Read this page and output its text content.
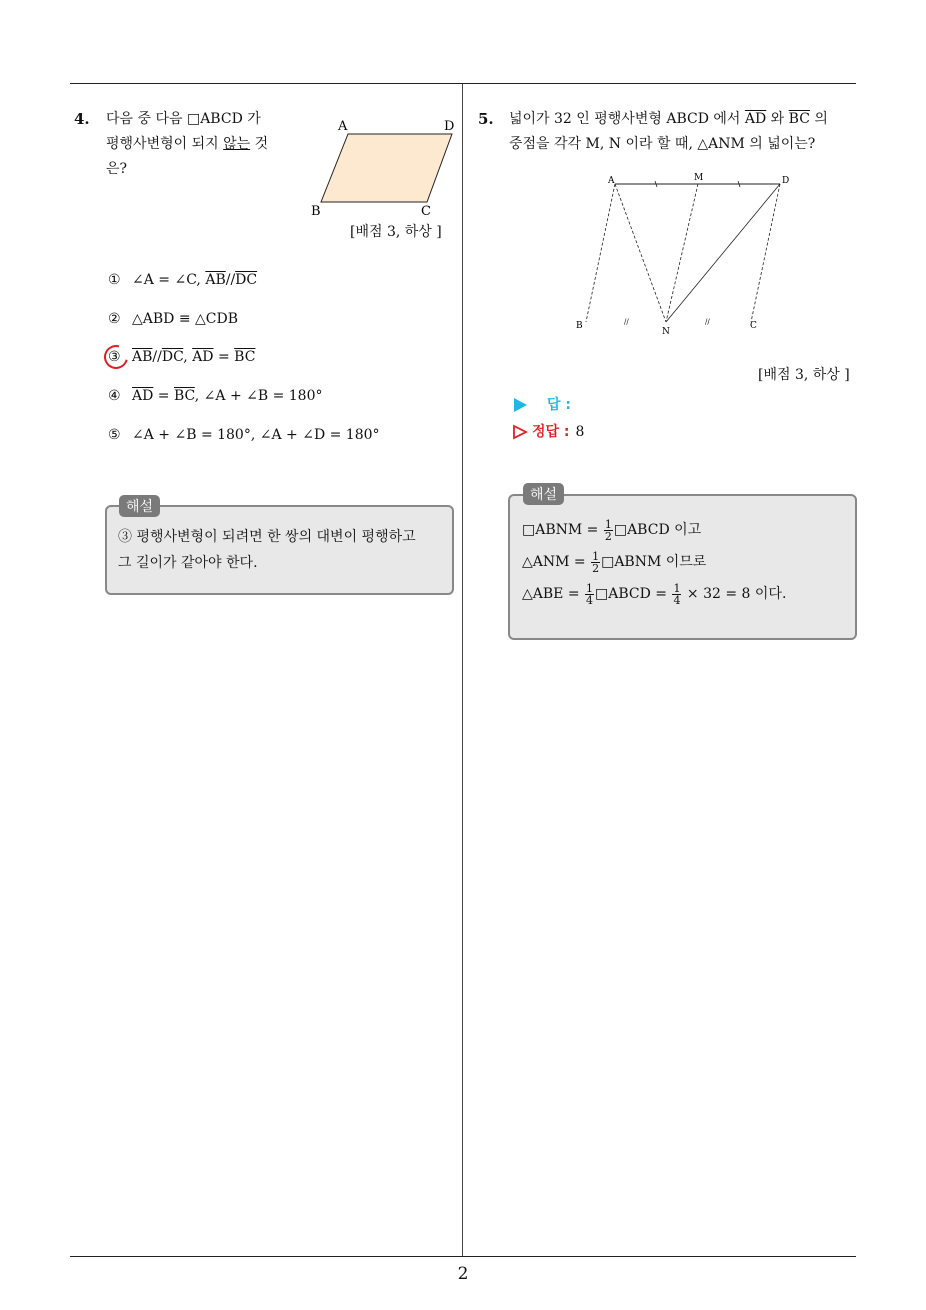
2
4. 다음 중 다음 □ABCD 가
평행사변형이 되지 않는 것
은?
A	D
B	C
[배점 3, 하상 ]
① ∠A = ∠C, $\overline{AB}//\overline{DC}$
② △ABD ≡ △CDB
③ $\overline{AB}//\overline{DC}$, $\overline{AD} = \overline{BC}$
④ $\overline{AD} = \overline{BC}$, ∠A + ∠B = 180°
⑤ ∠A + ∠B = 180°, ∠A + ∠D = 180°
해설
③ 평행사변형이 되려면 한 쌍의 대변이 평행하고
그 길이가 같아야 한다.
5. 넓이가 32 인 평행사변형 ABCD 에서 $\overline{AD}$ 와 $\overline{BC}$ 의
중점을 각각 M, N 이라 할 때, △ANM 의 넓이는?
//	//
A	M	D
B
N
C
[배점 3, 하상 ]
답 :
정답 : 8
해설
□ABNM = $\frac{1}{2}$ □ABCD 이고
△ANM = $\frac{1}{2}$ □ABNM 이므로
△ABE = $\frac{1}{4}$ □ABCD = $\frac{1}{4} \times 32 = 8$ 이다.
